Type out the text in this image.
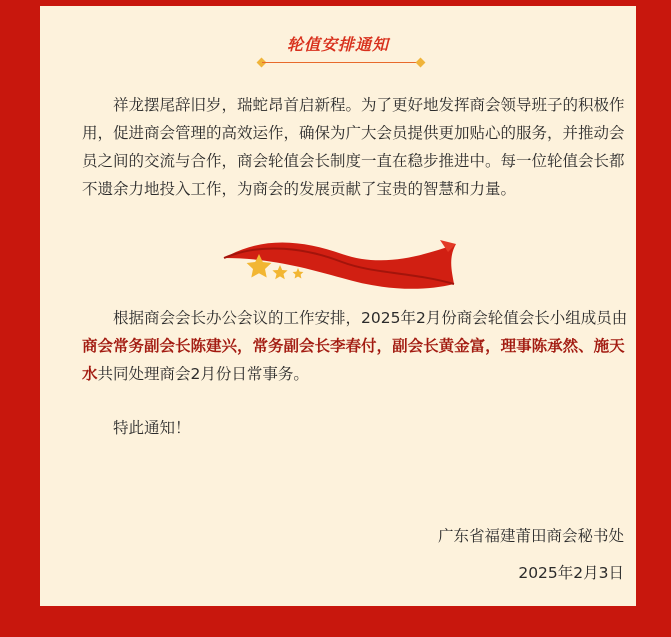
轮值安排通知

祥龙摆尾辞旧岁，瑞蛇昂首启新程。为了更好地发挥商会领导班子的积极作用，促进商会管理的高效运作，确保为广大会员提供更加贴心的服务，并推动会员之间的交流与合作，商会轮值会长制度一直在稳步推进中。每一位轮值会长都不遗余力地投入工作，为商会的发展贡献了宝贵的智慧和力量。

根据商会会长办公会议的工作安排，2025年2月份商会轮值会长小组成员由商会常务副会长陈建兴，常务副会长李春付，副会长黄金富，理事陈承然、施天水共同处理商会2月份日常事务。

特此通知！

广东省福建莆田商会秘书处
2025年2月3日
